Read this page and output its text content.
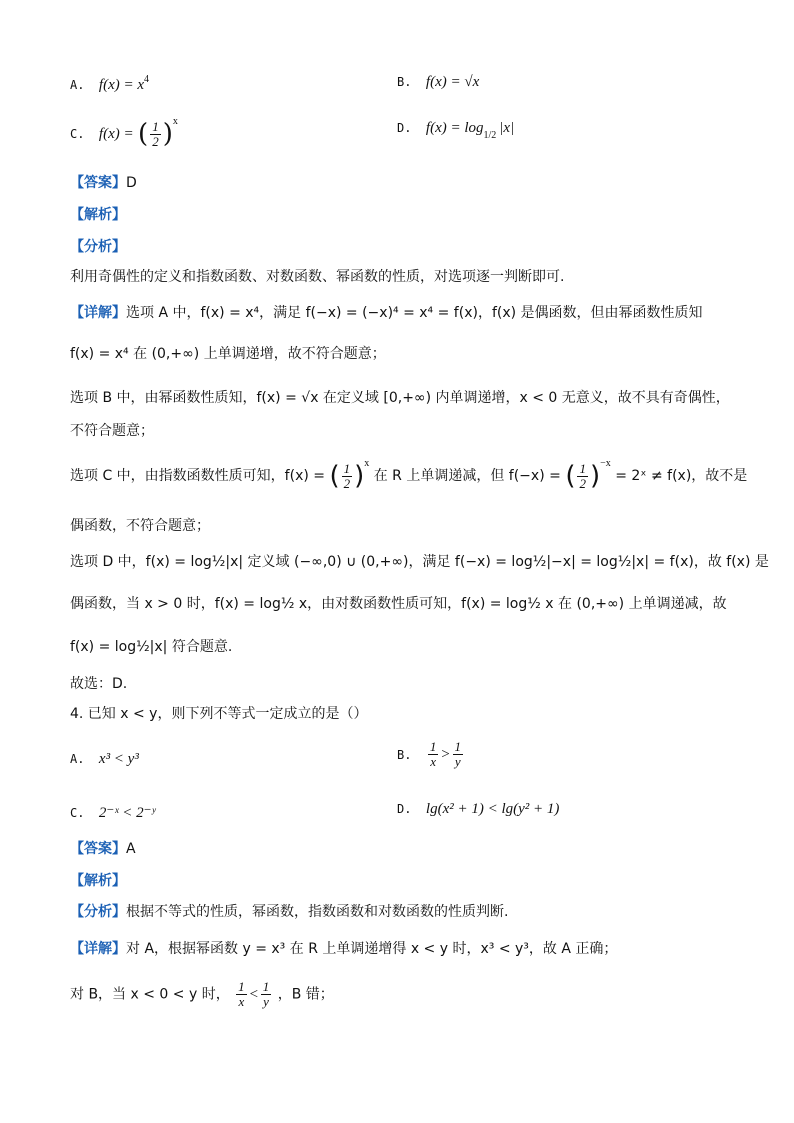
A. $f(x) = x^4$	B. f(x) = √x
C. f(x) = ( $\frac{1}{2} )^x$	D. $f(x) = \log_{1/2} |x|$
【答案】D
【解析】
【分析】
利用奇偶性的定义和指数函数、对数函数、幂函数的性质，对选项逐一判断即可.
【详解】选项 A 中，f(x) = x⁴，满足 f(−x) = (−x)⁴ = x⁴ = f(x)，f(x) 是偶函数，但由幂函数性质知
f(x) = x⁴ 在 (0,+∞) 上单调递增，故不符合题意；
选项 B 中，由幂函数性质知，f(x) = √x 在定义域 [0,+∞) 内单调递增，x < 0 无意义，故不具有奇偶性，
不符合题意；
选项 C 中，由指数函数性质可知，f(x) = ( $\frac{1}{2} )^x$ 在 R 上单调递减，但 f(−x) = ( $\frac{1}{2} )^{-x}$ = 2ˣ ≠ f(x)，故不是
偶函数，不符合题意；
选项 D 中，f(x) = log½|x| 定义域 (−∞,0) ∪ (0,+∞)，满足 f(−x) = log½|−x| = log½|x| = f(x)，故 f(x) 是
偶函数，当 x > 0 时，f(x) = log½ x，由对数函数性质可知，f(x) = log½ x 在 (0,+∞) 上单调递减，故
f(x) = log½|x| 符合题意.
故选：D.
4. 已知 x < y，则下列不等式一定成立的是（）
A. x³ < y³	B. $\frac{1}{x} > \frac{1}{y}$
C. 2⁻ˣ < 2⁻ʸ	D. lg(x² + 1) < lg(y² + 1)
【答案】A
【解析】
【分析】根据不等式的性质，幂函数，指数函数和对数函数的性质判断.
【详解】对 A，根据幂函数 y = x³ 在 R 上单调递增得 x < y 时，x³ < y³，故 A 正确；
对 B，当 x < 0 < y 时， $\frac{1}{x} < \frac{1}{y}$ ，B 错；
